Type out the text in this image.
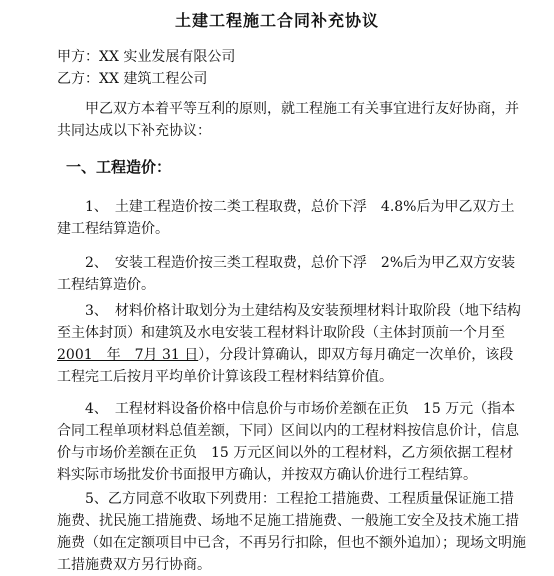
土建工程施工合同补充协议
甲方：XX 实业发展有限公司
乙方：XX 建筑工程公司
甲乙双方本着平等互利的原则，就工程施工有关事宜进行友好协商，并共同达成以下补充协议：
一、工程造价：
1、　土建工程造价按二类工程取费，总价下浮　4.8%后为甲乙双方土建工程结算造价。
2、　安装工程造价按三类工程取费，总价下浮　2%后为甲乙双方安装工程结算造价。
3、　材料价格计取划分为土建结构及安装预埋材料计取阶段（地下结构至主体封顶）和建筑及水电安装工程材料计取阶段（主体封顶前一个月至　2001　年　7月 31 日），分段计算确认，即双方每月确定一次单价，该段工程完工后按月平均单价计算该段工程材料结算价值。
4、　工程材料设备价格中信息价与市场价差额在正负　15 万元（指本合同工程单项材料总值差额，下同）区间以内的工程材料按信息价计，信息价与市场价差额在正负　15 万元区间以外的工程材料，乙方须依据工程材料实际市场批发价书面报甲方确认，并按双方确认价进行工程结算。
5、乙方同意不收取下列费用：工程抢工措施费、工程质量保证施工措施费、扰民施工措施费、场地不足施工措施费、一般施工安全及技术施工措施费（如在定额项目中已含，不再另行扣除，但也不额外追加）；现场文明施工措施费双方另行协商。
